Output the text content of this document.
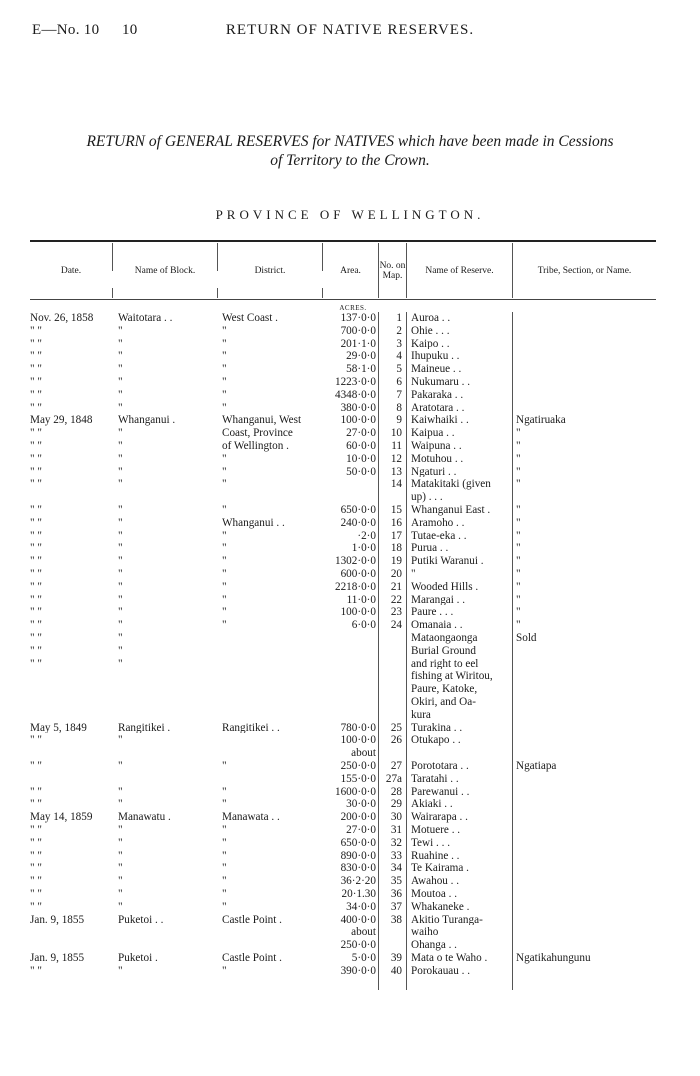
E—No. 10 10	RETURN OF NATIVE RESERVES.
RETURN of GENERAL RESERVES for NATIVES which have been made in Cessions
of Territory to the Crown.
PROVINCE OF WELLINGTON.
Date.	Name of Block.	District.	Area.	No. on Map.	Name of Reserve.	Tribe, Section, or Name.
ACRES.
Nov. 26, 1858	Waitotara . .	West Coast .	137·0·0	1 Auroa . .
" "	"	"	700·0·0	2 Ohie . . .
" "	"	"	201·1·0	3 Kaipo . .
" "	"	"	29·0·0	4 Ihupuku . .
" "	"	"	58·1·0	5 Maineue . .
" "	"	"	1223·0·0	6 Nukumaru . .
" "	"	"	4348·0·0	7 Pakaraka . .
" "	"	"	380·0·0	8 Aratotara . .
May 29, 1848	Whanganui .	Whanganui, West	100·0·0	9 Kaiwhaiki . .	Ngatiruaka
" "	"	Coast, Province	27·0·0	10 Kaipua . .	"
" "	"	of Wellington .	60·0·0	11 Waipuna . .	"
" "	"	"	10·0·0	12 Motuhou . .	"
" "	"	"	50·0·0	13 Ngaturi . .	"
" "	"	"	14 Matakitaki (given	"
up) . . .
" "	"	"	650·0·0	15 Whanganui East .	"
" "	"	Whanganui . .	240·0·0	16 Aramoho . .	"
" "	"	"	·2·0	17 Tutae-eka . .	"
" "	"	"	1·0·0	18 Purua . .	"
" "	"	"	1302·0·0	19 Putiki Waranui .	"
" "	"	"	600·0·0	20 "	"
" "	"	"	2218·0·0	21 Wooded Hills .	"
" "	"	"	11·0·0	22 Marangai . .	"
" "	"	"	100·0·0	23 Paure . . .	"
" "	"	"	6·0·0	24 Omanaia . .	"
" "	"	Mataongaonga	Sold
" "	"	Burial Ground
" "	"	and right to eel
fishing at Wiritou,
Paure, Katoke,
Okiri, and Oa-
kura
May 5, 1849	Rangitikei .	Rangitikei . .	780·0·0	25 Turakina . .
" "	"	100·0·0	26 Otukapo . .
about
" "	"	"	250·0·0	27 Porototara . .	Ngatiapa
155·0·0 27a Taratahi . .
" "	"	"	1600·0·0	28 Parewanui . .
" "	"	"	30·0·0	29 Akiaki . .
May 14, 1859	Manawatu .	Manawata . .	200·0·0	30 Wairarapa . .
" "	"	"	27·0·0	31 Motuere . .
" "	"	"	650·0·0	32 Tewi . . .
" "	"	"	890·0·0	33 Ruahine . .
" "	"	"	830·0·0	34 Te Kairama .
" "	"	"	36·2·20	35 Awahou . .
" "	"	"	20·1.30	36 Moutoa . .
" "	"	"	34·0·0	37 Whakaneke .
Jan. 9, 1855	Puketoi . .	Castle Point .	400·0·0	38 Akitio Turanga-
about	waiho
250·0·0	Ohanga . .
Jan. 9, 1855	Puketoi .	Castle Point .	5·0·0	39 Mata o te Waho .	Ngatikahungunu
" "	"	"	390·0·0	40 Porokauau . .
